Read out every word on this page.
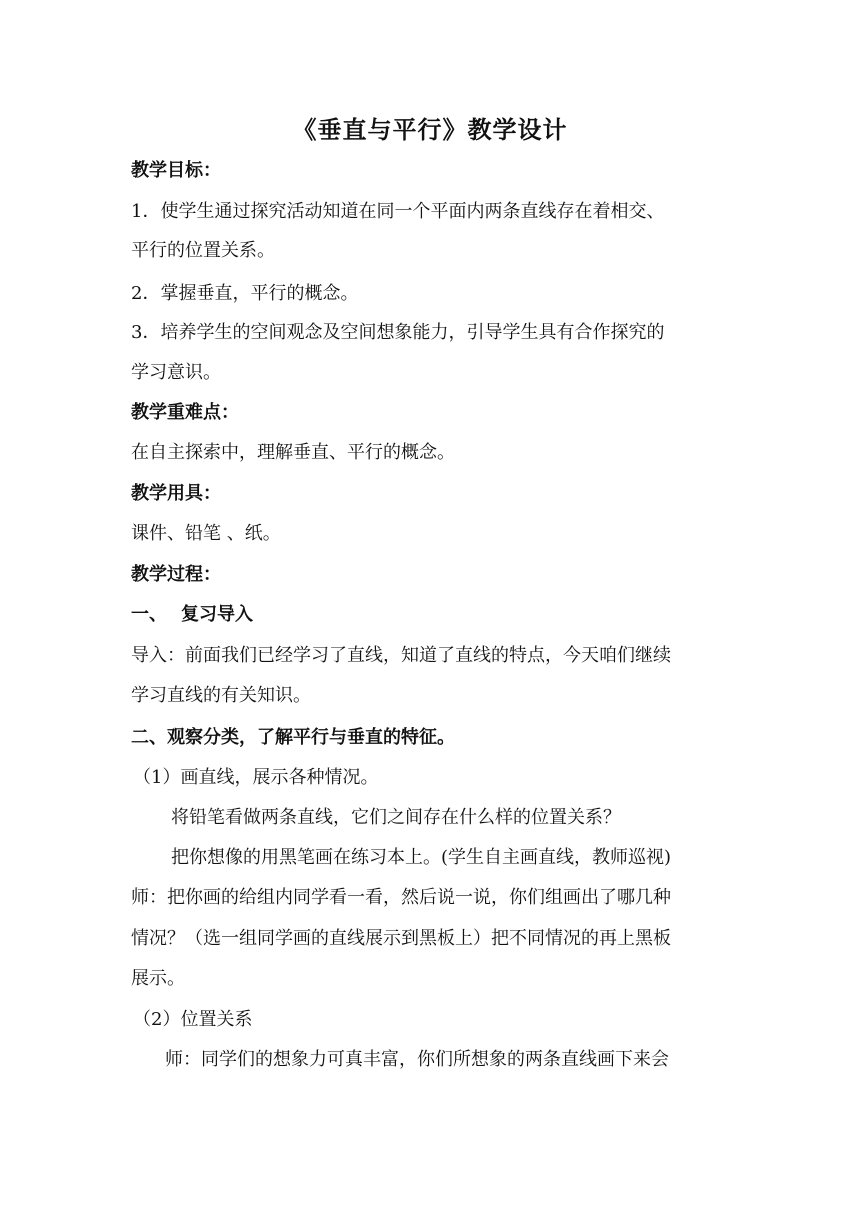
《垂直与平行》教学设计
教学目标：
1．使学生通过探究活动知道在同一个平面内两条直线存在着相交、
平行的位置关系。
2．掌握垂直，平行的概念。
3．培养学生的空间观念及空间想象能力，引导学生具有合作探究的
学习意识。
教学重难点：
在自主探索中，理解垂直、平行的概念。
教学用具：
课件、铅笔 、纸。
教学过程：
一、 复习导入
导入：前面我们已经学习了直线，知道了直线的特点，今天咱们继续
学习直线的有关知识。
二、观察分类，了解平行与垂直的特征。
（1）画直线，展示各种情况。
将铅笔看做两条直线，它们之间存在什么样的位置关系？
把你想像的用黑笔画在练习本上。(学生自主画直线，教师巡视)
师：把你画的给组内同学看一看，然后说一说，你们组画出了哪几种
情况？（选一组同学画的直线展示到黑板上）把不同情况的再上黑板
展示。
（2）位置关系
师：同学们的想象力可真丰富，你们所想象的两条直线画下来会
